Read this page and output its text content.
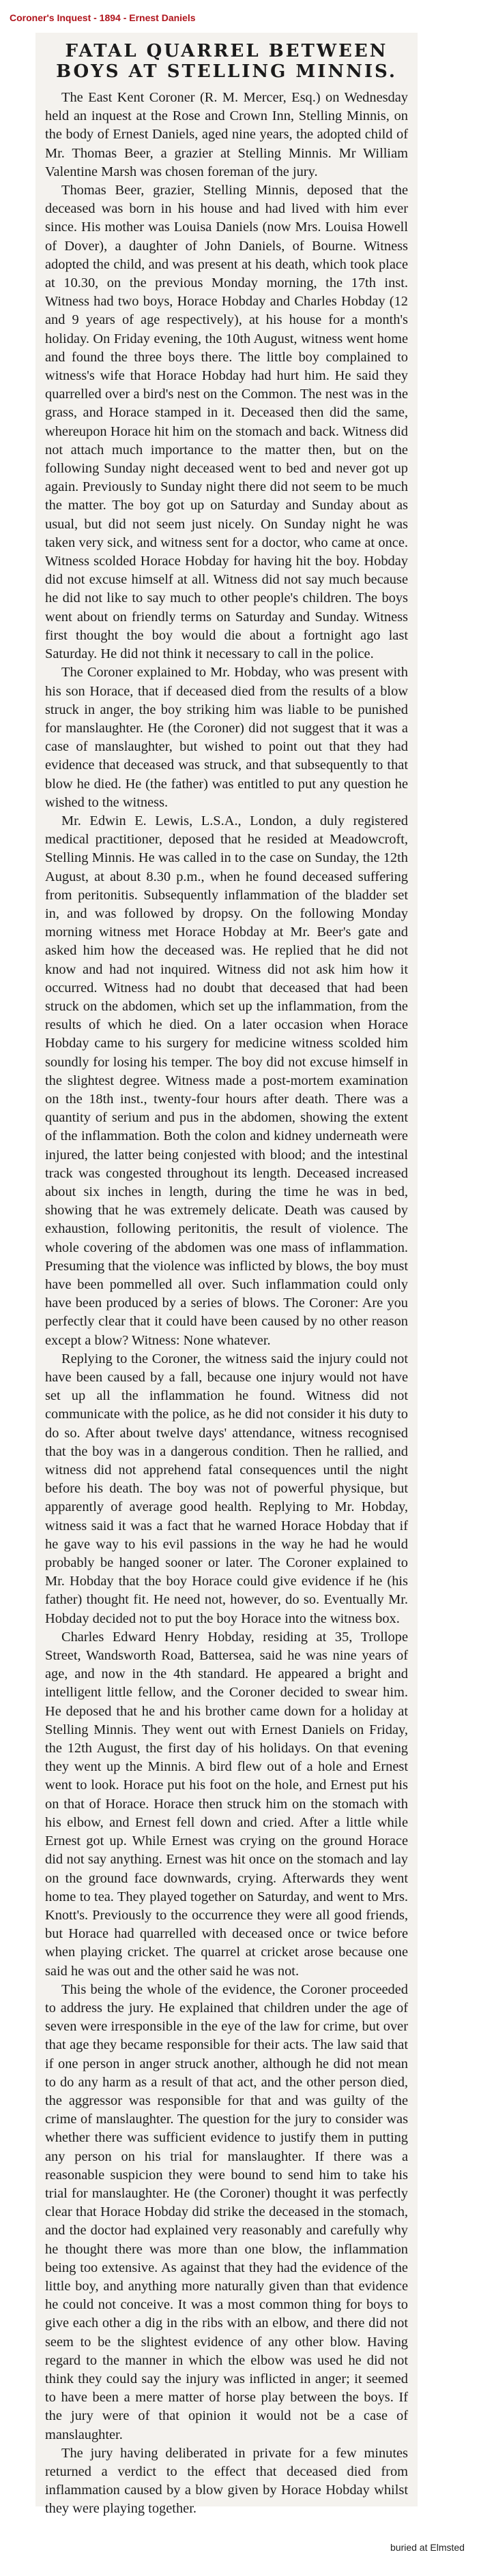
Coroner's Inquest - 1894 - Ernest Daniels
FATAL QUARREL BETWEEN BOYS AT STELLING MINNIS.

The East Kent Coroner (R. M. Mercer, Esq.) on Wednesday held an inquest at the Rose and Crown Inn, Stelling Minnis, on the body of Ernest Daniels, aged nine years, the adopted child of Mr. Thomas Beer, a grazier at Stelling Minnis. Mr William Valentine Marsh was chosen foreman of the jury.

Thomas Beer, grazier, Stelling Minnis, deposed that the deceased was born in his house and had lived with him ever since. His mother was Louisa Daniels (now Mrs. Louisa Howell of Dover), a daughter of John Daniels, of Bourne. Witness adopted the child, and was present at his death, which took place at 10.30, on the previous Monday morning, the 17th inst. Witness had two boys, Horace Hobday and Charles Hobday (12 and 9 years of age respectively), at his house for a month's holiday. On Friday evening, the 10th August, witness went home and found the three boys there. The little boy complained to witness's wife that Horace Hobday had hurt him. He said they quarrelled over a bird's nest on the Common. The nest was in the grass, and Horace stamped in it. Deceased then did the same, whereupon Horace hit him on the stomach and back. Witness did not attach much importance to the matter then, but on the following Sunday night deceased went to bed and never got up again. Previously to Sunday night there did not seem to be much the matter. The boy got up on Saturday and Sunday about as usual, but did not seem just nicely. On Sunday night he was taken very sick, and witness sent for a doctor, who came at once. Witness scolded Horace Hobday for having hit the boy. Hobday did not excuse himself at all. Witness did not say much because he did not like to say much to other people's children. The boys went about on friendly terms on Saturday and Sunday. Witness first thought the boy would die about a fortnight ago last Saturday. He did not think it necessary to call in the police.

The Coroner explained to Mr. Hobday, who was present with his son Horace, that if deceased died from the results of a blow struck in anger, the boy striking him was liable to be punished for manslaughter. He (the Coroner) did not suggest that it was a case of manslaughter, but wished to point out that they had evidence that deceased was struck, and that subsequently to that blow he died. He (the father) was entitled to put any question he wished to the witness.

Mr. Edwin E. Lewis, L.S.A., London, a duly registered medical practitioner, deposed that he resided at Meadowcroft, Stelling Minnis. He was called in to the case on Sunday, the 12th August, at about 8.30 p.m., when he found deceased suffering from peritonitis. Subsequently inflammation of the bladder set in, and was followed by dropsy. On the following Monday morning witness met Horace Hobday at Mr. Beer's gate and asked him how the deceased was. He replied that he did not know and had not inquired. Witness did not ask him how it occurred. Witness had no doubt that deceased that had been struck on the abdomen, which set up the inflammation, from the results of which he died. On a later occasion when Horace Hobday came to his surgery for medicine witness scolded him soundly for losing his temper. The boy did not excuse himself in the slightest degree. Witness made a post-mortem examination on the 18th inst., twenty-four hours after death. There was a quantity of serium and pus in the abdomen, showing the extent of the inflammation. Both the colon and kidney underneath were injured, the latter being conjested with blood; and the intestinal track was congested throughout its length. Deceased increased about six inches in length, during the time he was in bed, showing that he was extremely delicate. Death was caused by exhaustion, following peritonitis, the result of violence. The whole covering of the abdomen was one mass of inflammation. Presuming that the violence was inflicted by blows, the boy must have been pommelled all over. Such inflammation could only have been produced by a series of blows. The Coroner: Are you perfectly clear that it could have been caused by no other reason except a blow? Witness: None whatever.

Replying to the Coroner, the witness said the injury could not have been caused by a fall, because one injury would not have set up all the inflammation he found. Witness did not communicate with the police, as he did not consider it his duty to do so. After about twelve days' attendance, witness recognised that the boy was in a dangerous condition. Then he rallied, and witness did not apprehend fatal consequences until the night before his death. The boy was not of powerful physique, but apparently of average good health. Replying to Mr. Hobday, witness said it was a fact that he warned Horace Hobday that if he gave way to his evil passions in the way he had he would probably be hanged sooner or later. The Coroner explained to Mr. Hobday that the boy Horace could give evidence if he (his father) thought fit. He need not, however, do so. Eventually Mr. Hobday decided not to put the boy Horace into the witness box.

Charles Edward Henry Hobday, residing at 35, Trollope Street, Wandsworth Road, Battersea, said he was nine years of age, and now in the 4th standard. He appeared a bright and intelligent little fellow, and the Coroner decided to swear him. He deposed that he and his brother came down for a holiday at Stelling Minnis. They went out with Ernest Daniels on Friday, the 12th August, the first day of his holidays. On that evening they went up the Minnis. A bird flew out of a hole and Ernest went to look. Horace put his foot on the hole, and Ernest put his on that of Horace. Horace then struck him on the stomach with his elbow, and Ernest fell down and cried. After a little while Ernest got up. While Ernest was crying on the ground Horace did not say anything. Ernest was hit once on the stomach and lay on the ground face downwards, crying. Afterwards they went home to tea. They played together on Saturday, and went to Mrs. Knott's. Previously to the occurrence they were all good friends, but Horace had quarrelled with deceased once or twice before when playing cricket. The quarrel at cricket arose because one said he was out and the other said he was not.

This being the whole of the evidence, the Coroner proceeded to address the jury. He explained that children under the age of seven were irresponsible in the eye of the law for crime, but over that age they became responsible for their acts. The law said that if one person in anger struck another, although he did not mean to do any harm as a result of that act, and the other person died, the aggressor was responsible for that and was guilty of the crime of manslaughter. The question for the jury to consider was whether there was sufficient evidence to justify them in putting any person on his trial for manslaughter. If there was a reasonable suspicion they were bound to send him to take his trial for manslaughter. He (the Coroner) thought it was perfectly clear that Horace Hobday did strike the deceased in the stomach, and the doctor had explained very reasonably and carefully why he thought there was more than one blow, the inflammation being too extensive. As against that they had the evidence of the little boy, and anything more naturally given than that evidence he could not conceive. It was a most common thing for boys to give each other a dig in the ribs with an elbow, and there did not seem to be the slightest evidence of any other blow. Having regard to the manner in which the elbow was used he did not think they could say the injury was inflicted in anger; it seemed to have been a mere matter of horse play between the boys. If the jury were of that opinion it would not be a case of manslaughter.

The jury having deliberated in private for a few minutes returned a verdict to the effect that deceased died from inflammation caused by a blow given by Horace Hobday whilst they were playing together.

buried at Elmsted
